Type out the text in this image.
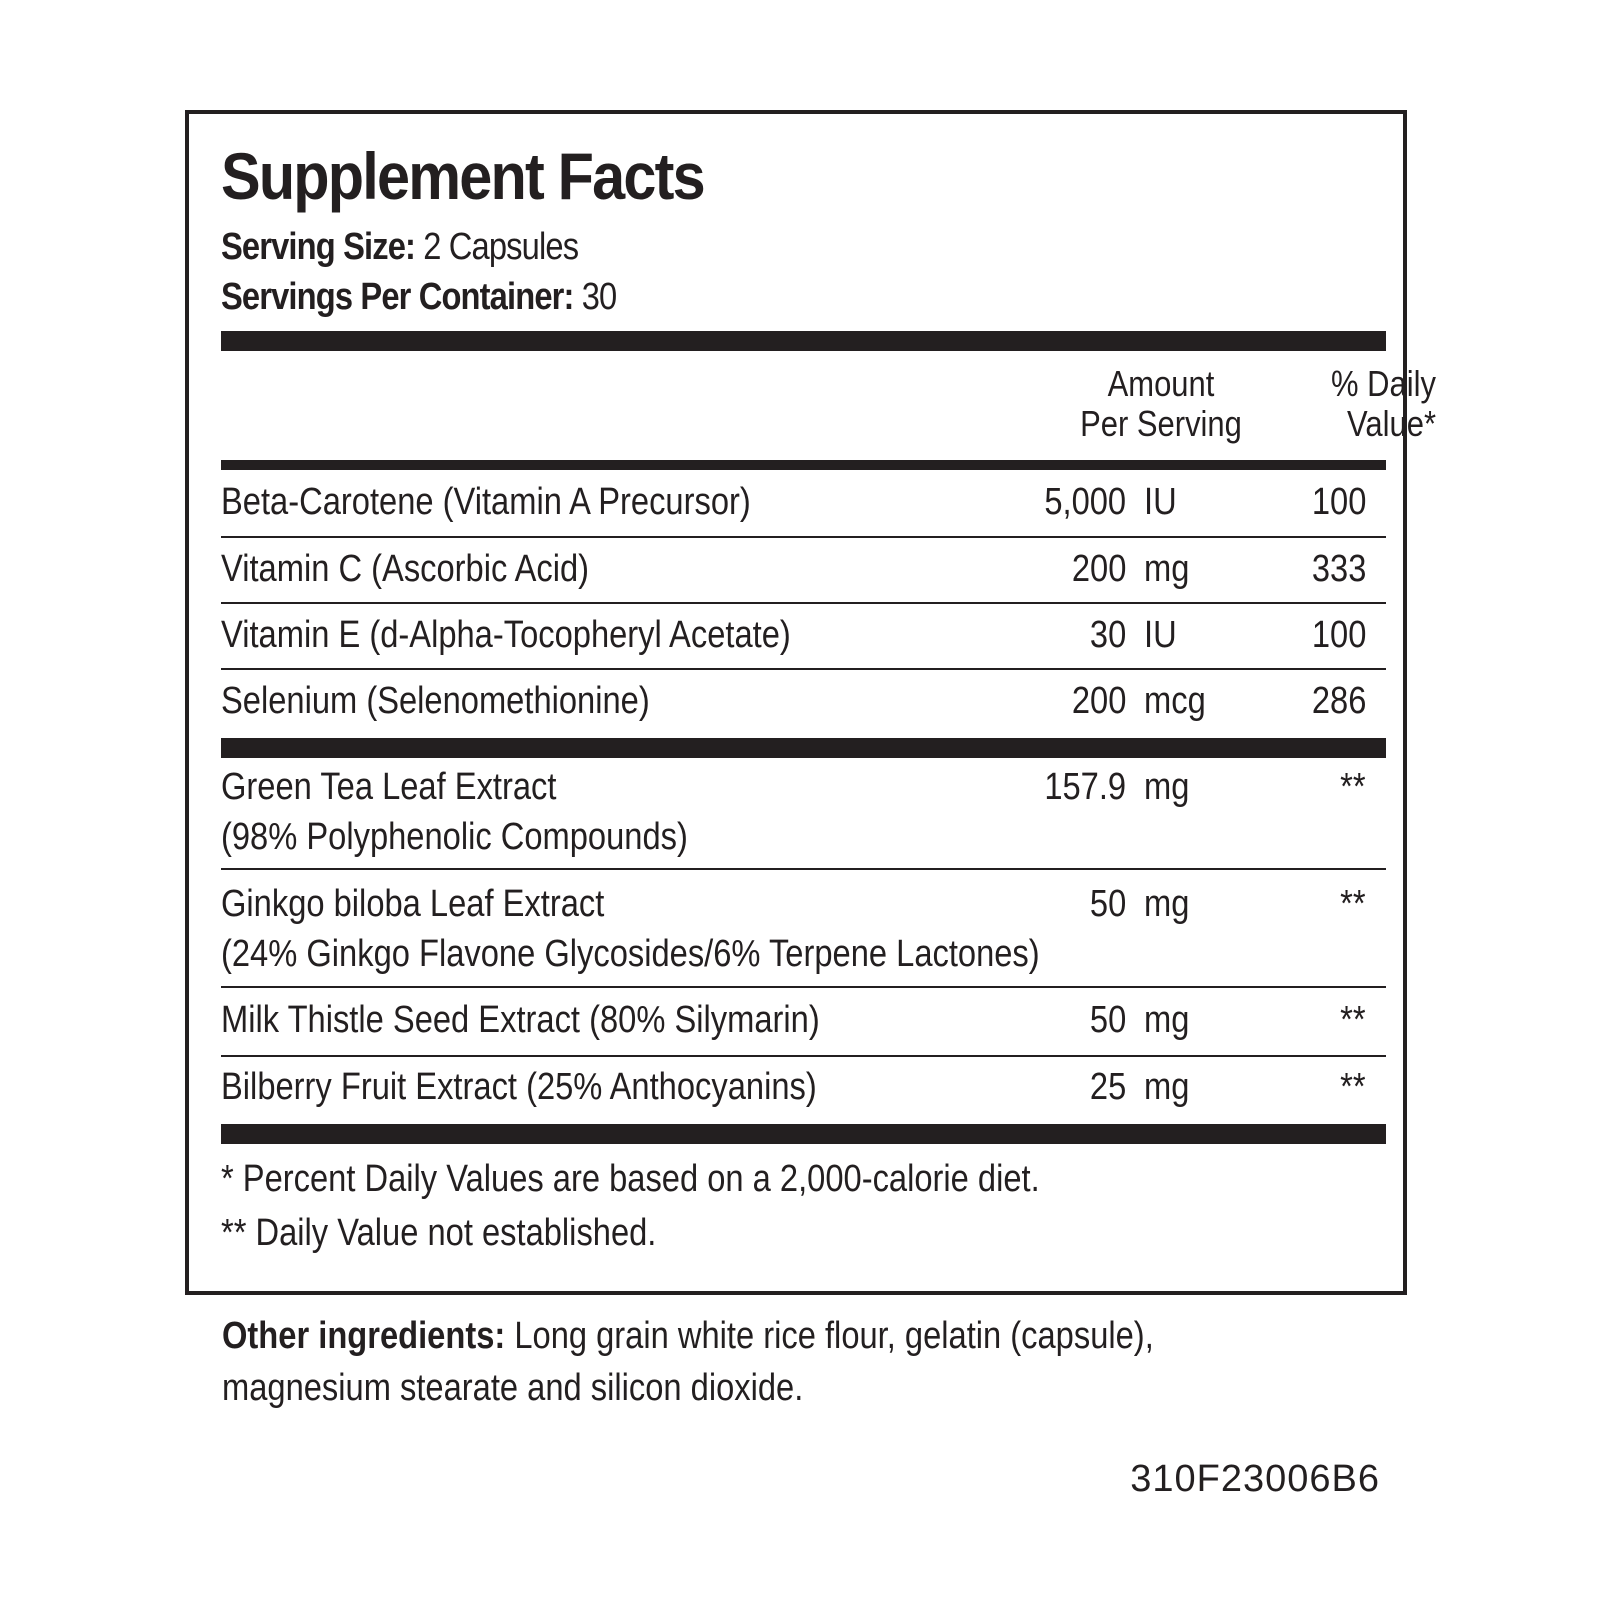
Supplement Facts
Serving Size: 2 Capsules
Servings Per Container: 30
Amount
Per Serving
% Daily
Value*
Beta-Carotene (Vitamin A Precursor)	5,000 IU	100
Vitamin C (Ascorbic Acid)	200 mg	333
Vitamin E (d-Alpha-Tocopheryl Acetate)	30 IU	100
Selenium (Selenomethionine)	200 mcg	286
Green Tea Leaf Extract
(98% Polyphenolic Compounds)
157.9 mg	**
Ginkgo biloba Leaf Extract
(24% Ginkgo Flavone Glycosides/6% Terpene Lactones)
50 mg	**
Milk Thistle Seed Extract (80% Silymarin)	50 mg	**
Bilberry Fruit Extract (25% Anthocyanins)	25 mg	**
* Percent Daily Values are based on a 2,000-calorie diet.
** Daily Value not established.
Other ingredients: Long grain white rice flour, gelatin (capsule), magnesium stearate and silicon dioxide.
310F23006B6
